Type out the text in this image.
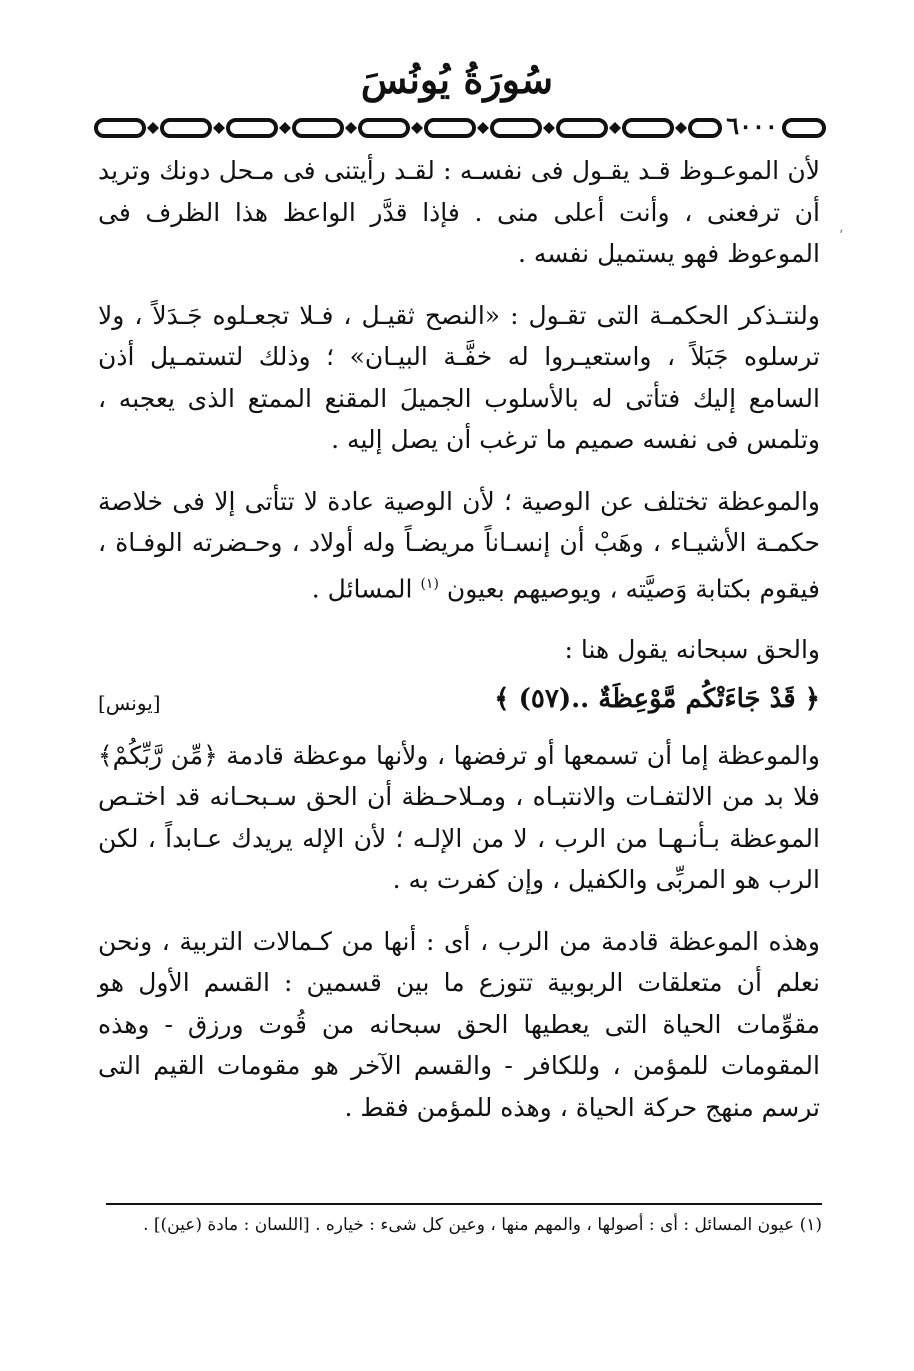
سُورَةُ يُونُسَ
٦٠٠٠

لأن الموعـوظ قـد يقـول فى نفسـه : لقـد رأيتنى فى مـحل دونك وتريد أن ترفعنى ، وأنت أعلى منى . فإذا قدَّر الواعظ هذا الظرف فى الموعوظ فهو يستميل نفسه .

ولنتـذكر الحكمـة التى تقـول : «النصح ثقيـل ، فـلا تجعـلوه جَـدَلاً ، ولا ترسلوه جَبَلاً ، واستعيـروا له خفَّـة البيـان» ؛ وذلك لتستمـيل أذن السامع إليك فتأتى له بالأسلوب الجميلَ المقنع الممتع الذى يعجبه ، وتلمس فى نفسه صميم ما ترغب أن يصل إليه .

والموعظة تختلف عن الوصية ؛ لأن الوصية عادة لا تتأتى إلا فى خلاصة حكمـة الأشيـاء ، وهَبْ أن إنسـاناً مريضـاً وله أولاد ، وحـضرته الوفـاة ، فيقوم بكتابة وَصيَّته ، ويوصيهم بعيون $^{(١)}$ المسائل .

والحق سبحانه يقول هنا :

﴿ قَدْ جَاءَتْكُم مَّوْعِظَةٌ ..(٥٧) ﴾
[يونس]

والموعظة إما أن تسمعها أو ترفضها ، ولأنها موعظة قادمة ﴿مِّن رَّبِّكُمْ﴾ فلا بد من الالتفـات والانتبـاه ، ومـلاحـظة أن الحق سـبحـانه قد اختـص الموعظة بـأنـهـا من الرب ، لا من الإلـه ؛ لأن الإله يريدك عـابداً ، لكن الرب هو المربِّى والكفيل ، وإن كفرت به .

وهذه الموعظة قادمة من الرب ، أى : أنها من كـمالات التربية ، ونحن نعلم أن متعلقات الربوبية تتوزع ما بين قسمين : القسم الأول هو مقوِّمات الحياة التى يعطيها الحق سبحانه من قُوت ورزق - وهذه المقومات للمؤمن ، وللكافر - والقسم الآخر هو مقومات القيم التى ترسم منهج حركة الحياة ، وهذه للمؤمن فقط .

٬
(١) عيون المسائل : أى : أصولها ، والمهم منها ، وعين كل شىء : خياره . [اللسان : مادة (عين)] .
